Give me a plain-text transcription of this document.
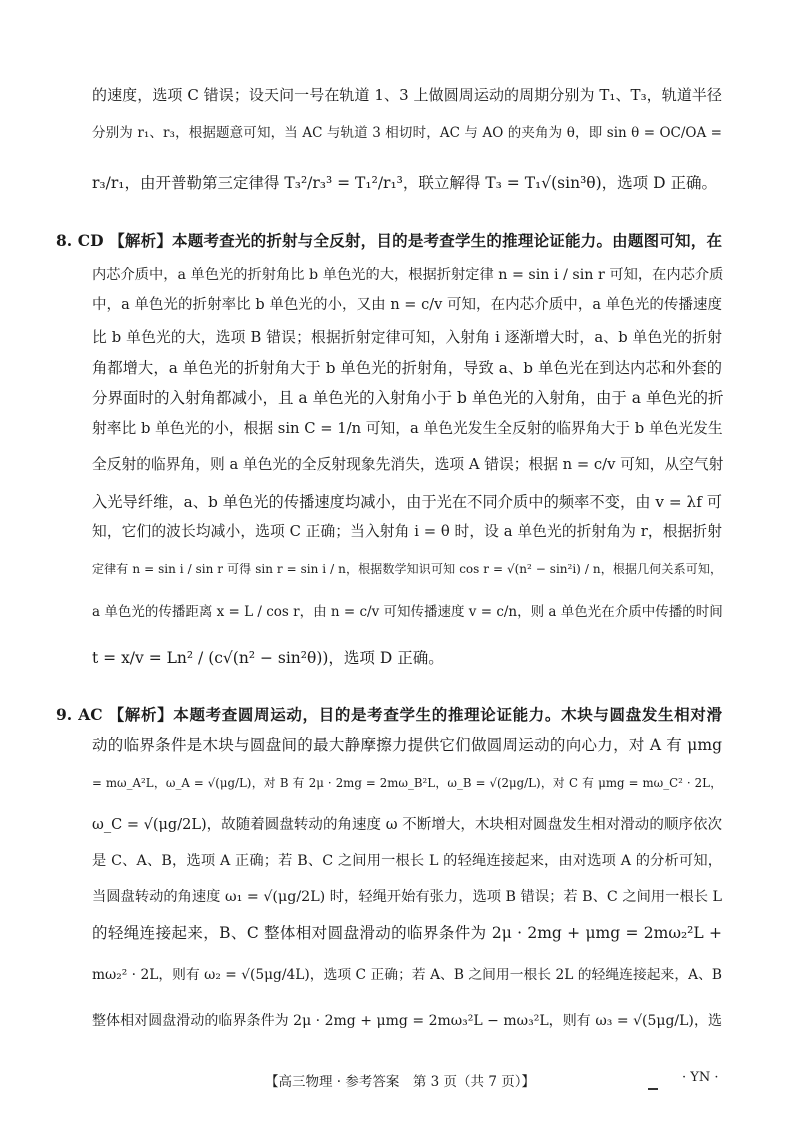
的速度，选项 C 错误；设天问一号在轨道 1、3 上做圆周运动的周期分别为 T₁、T₃，轨道半径
分别为 r₁、r₃，根据题意可知，当 AC 与轨道 3 相切时，AC 与 AO 的夹角为 θ，即 sin θ = OC/OA =
r₃/r₁，由开普勒第三定律得 T₃²/r₃³ = T₁²/r₁³，联立解得 T₃ = T₁√(sin³θ)，选项 D 正确。
8. CD 【解析】本题考查光的折射与全反射，目的是考查学生的推理论证能力。由题图可知，在
内芯介质中，a 单色光的折射角比 b 单色光的大，根据折射定律 n = sin i / sin r 可知，在内芯介质
中，a 单色光的折射率比 b 单色光的小，又由 n = c/v 可知，在内芯介质中，a 单色光的传播速度
比 b 单色光的大，选项 B 错误；根据折射定律可知，入射角 i 逐渐增大时，a、b 单色光的折射
角都增大，a 单色光的折射角大于 b 单色光的折射角，导致 a、b 单色光在到达内芯和外套的
分界面时的入射角都减小，且 a 单色光的入射角小于 b 单色光的入射角，由于 a 单色光的折
射率比 b 单色光的小，根据 sin C = 1/n 可知，a 单色光发生全反射的临界角大于 b 单色光发生
全反射的临界角，则 a 单色光的全反射现象先消失，选项 A 错误；根据 n = c/v 可知，从空气射
入光导纤维，a、b 单色光的传播速度均减小，由于光在不同介质中的频率不变，由 v = λf 可
知，它们的波长均减小，选项 C 正确；当入射角 i = θ 时，设 a 单色光的折射角为 r，根据折射
定律有 n = sin i / sin r 可得 sin r = sin i / n，根据数学知识可知 cos r = √(n² − sin²i) / n，根据几何关系可知，
a 单色光的传播距离 x = L / cos r，由 n = c/v 可知传播速度 v = c/n，则 a 单色光在介质中传播的时间
t = x/v = Ln² / (c√(n² − sin²θ))，选项 D 正确。
9. AC 【解析】本题考查圆周运动，目的是考查学生的推理论证能力。木块与圆盘发生相对滑
动的临界条件是木块与圆盘间的最大静摩擦力提供它们做圆周运动的向心力，对 A 有 μmg
= mω_A²L，ω_A = √(μg/L)，对 B 有 2μ · 2mg = 2mω_B²L，ω_B = √(2μg/L)，对 C 有 μmg = mω_C² · 2L，
ω_C = √(μg/2L)，故随着圆盘转动的角速度 ω 不断增大，木块相对圆盘发生相对滑动的顺序依次
是 C、A、B，选项 A 正确；若 B、C 之间用一根长 L 的轻绳连接起来，由对选项 A 的分析可知，
当圆盘转动的角速度 ω₁ = √(μg/2L) 时，轻绳开始有张力，选项 B 错误；若 B、C 之间用一根长 L
的轻绳连接起来，B、C 整体相对圆盘滑动的临界条件为 2μ · 2mg + μmg = 2mω₂²L +
mω₂² · 2L，则有 ω₂ = √(5μg/4L)，选项 C 正确；若 A、B 之间用一根长 2L 的轻绳连接起来，A、B
整体相对圆盘滑动的临界条件为 2μ · 2mg + μmg = 2mω₃²L − mω₃²L，则有 ω₃ = √(5μg/L)，选
【高三物理 · 参考答案　第 3 页（共 7 页）】	· YN ·
